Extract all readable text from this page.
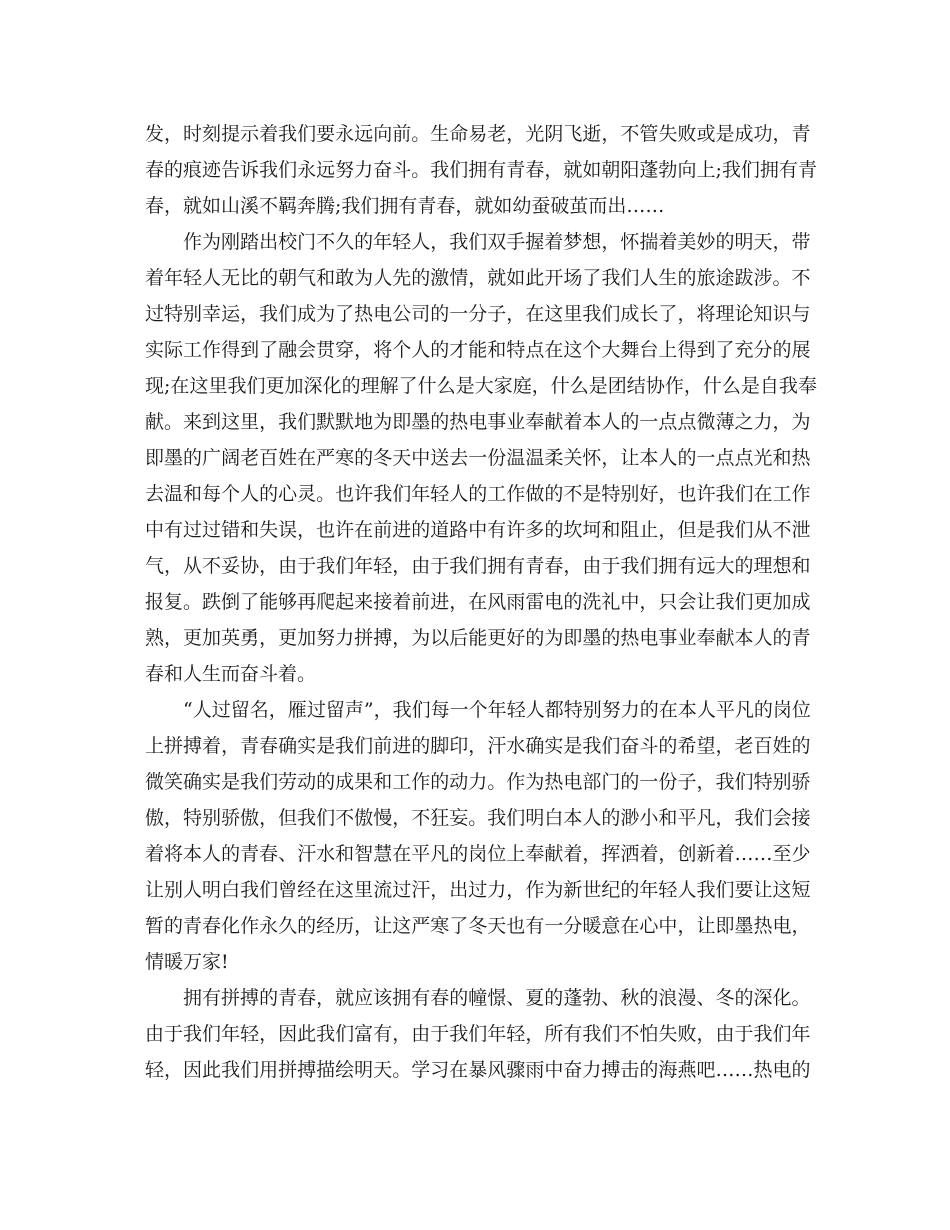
发 ， 时 刻 提 示 着 我 们 要 永 远 向 前 。 生 命 易 老 ， 光 阴 飞 逝 ， 不 管 失 败 或 是 成 功 ， 青
春 的 痕 迹 告 诉 我 们 永 远 努 力 奋 斗 。 我 们 拥 有 青 春 ， 就 如 朝 阳 蓬 勃 向 上 ; 我 们 拥 有 青
春，就如山溪不羁奔腾;我们拥有青春，就如幼蚕破茧而出……
作 为 刚 踏 出 校 门 不 久 的 年 轻 人 ， 我 们 双 手 握 着 梦 想 ， 怀 揣 着 美 妙 的 明 天 ， 带
着 年 轻 人 无 比 的 朝 气 和 敢 为 人 先 的 激 情 ， 就 如 此 开 场 了 我 们 人 生 的 旅 途 跋 涉 。 不
过 特 别 幸 运 ， 我 们 成 为 了 热 电 公 司 的 一 分 子 ， 在 这 里 我 们 成 长 了 ， 将 理 论 知 识 与
实 际 工 作 得 到 了 融 会 贯 穿 ， 将 个 人 的 才 能 和 特 点 在 这 个 大 舞 台 上 得 到 了 充 分 的 展
现 ; 在 这 里 我 们 更 加 深 化 的 理 解 了 什 么 是 大 家 庭 ， 什 么 是 团 结 协 作 ， 什 么 是 自 我 奉
献 。 来 到 这 里 ， 我 们 默 默 地 为 即 墨 的 热 电 事 业 奉 献 着 本 人 的 一 点 点 微 薄 之 力 ， 为
即 墨 的 广 阔 老 百 姓 在 严 寒 的 冬 天 中 送 去 一 份 温 温 柔 关 怀 ， 让 本 人 的 一 点 点 光 和 热
去 温 和 每 个 人 的 心 灵 。 也 许 我 们 年 轻 人 的 工 作 做 的 不 是 特 别 好 ， 也 许 我 们 在 工 作
中 有 过 过 错 和 失 误 ， 也 许 在 前 进 的 道 路 中 有 许 多 的 坎 坷 和 阻 止 ， 但 是 我 们 从 不 泄
气 ， 从 不 妥 协 ， 由 于 我 们 年 轻 ， 由 于 我 们 拥 有 青 春 ， 由 于 我 们 拥 有 远 大 的 理 想 和
报 复 。 跌 倒 了 能 够 再 爬 起 来 接 着 前 进 ， 在 风 雨 雷 电 的 洗 礼 中 ， 只 会 让 我 们 更 加 成
熟 ， 更 加 英 勇 ， 更 加 努 力 拼 搏 ， 为 以 后 能 更 好 的 为 即 墨 的 热 电 事 业 奉 献 本 人 的 青
春和人生而奋斗着。
“ 人 过 留 名 ， 雁 过 留 声 ” ， 我 们 每 一 个 年 轻 人 都 特 别 努 力 的 在 本 人 平 凡 的 岗 位
上 拼 搏 着 ， 青 春 确 实 是 我 们 前 进 的 脚 印 ， 汗 水 确 实 是 我 们 奋 斗 的 希 望 ， 老 百 姓 的
微 笑 确 实 是 我 们 劳 动 的 成 果 和 工 作 的 动 力 。 作 为 热 电 部 门 的 一 份 子 ， 我 们 特 别 骄
傲 ， 特 别 骄 傲 ， 但 我 们 不 傲 慢 ， 不 狂 妄 。 我 们 明 白 本 人 的 渺 小 和 平 凡 ， 我 们 会 接
着 将 本 人 的 青 春 、 汗 水 和 智 慧 在 平 凡 的 岗 位 上 奉 献 着 ， 挥 洒 着 ， 创 新 着 … … 至 少
让 别 人 明 白 我 们 曾 经 在 这 里 流 过 汗 ， 出 过 力 ， 作 为 新 世 纪 的 年 轻 人 我 们 要 让 这 短
暂 的 青 春 化 作 永 久 的 经 历 ， 让 这 严 寒 了 冬 天 也 有 一 分 暖 意 在 心 中 ， 让 即 墨 热 电 ，
情暖万家!
拥 有 拼 搏 的 青 春 ， 就 应 该 拥 有 春 的 幢 憬 、 夏 的 蓬 勃 、 秋 的 浪 漫 、 冬 的 深 化 。
由 于 我 们 年 轻 ， 因 此 我 们 富 有 ， 由 于 我 们 年 轻 ， 所 有 我 们 不 怕 失 败 ， 由 于 我 们 年
轻 ， 因 此 我 们 用 拼 搏 描 绘 明 天 。 学 习 在 暴 风 骤 雨 中 奋 力 搏 击 的 海 燕 吧 … … 热 电 的
